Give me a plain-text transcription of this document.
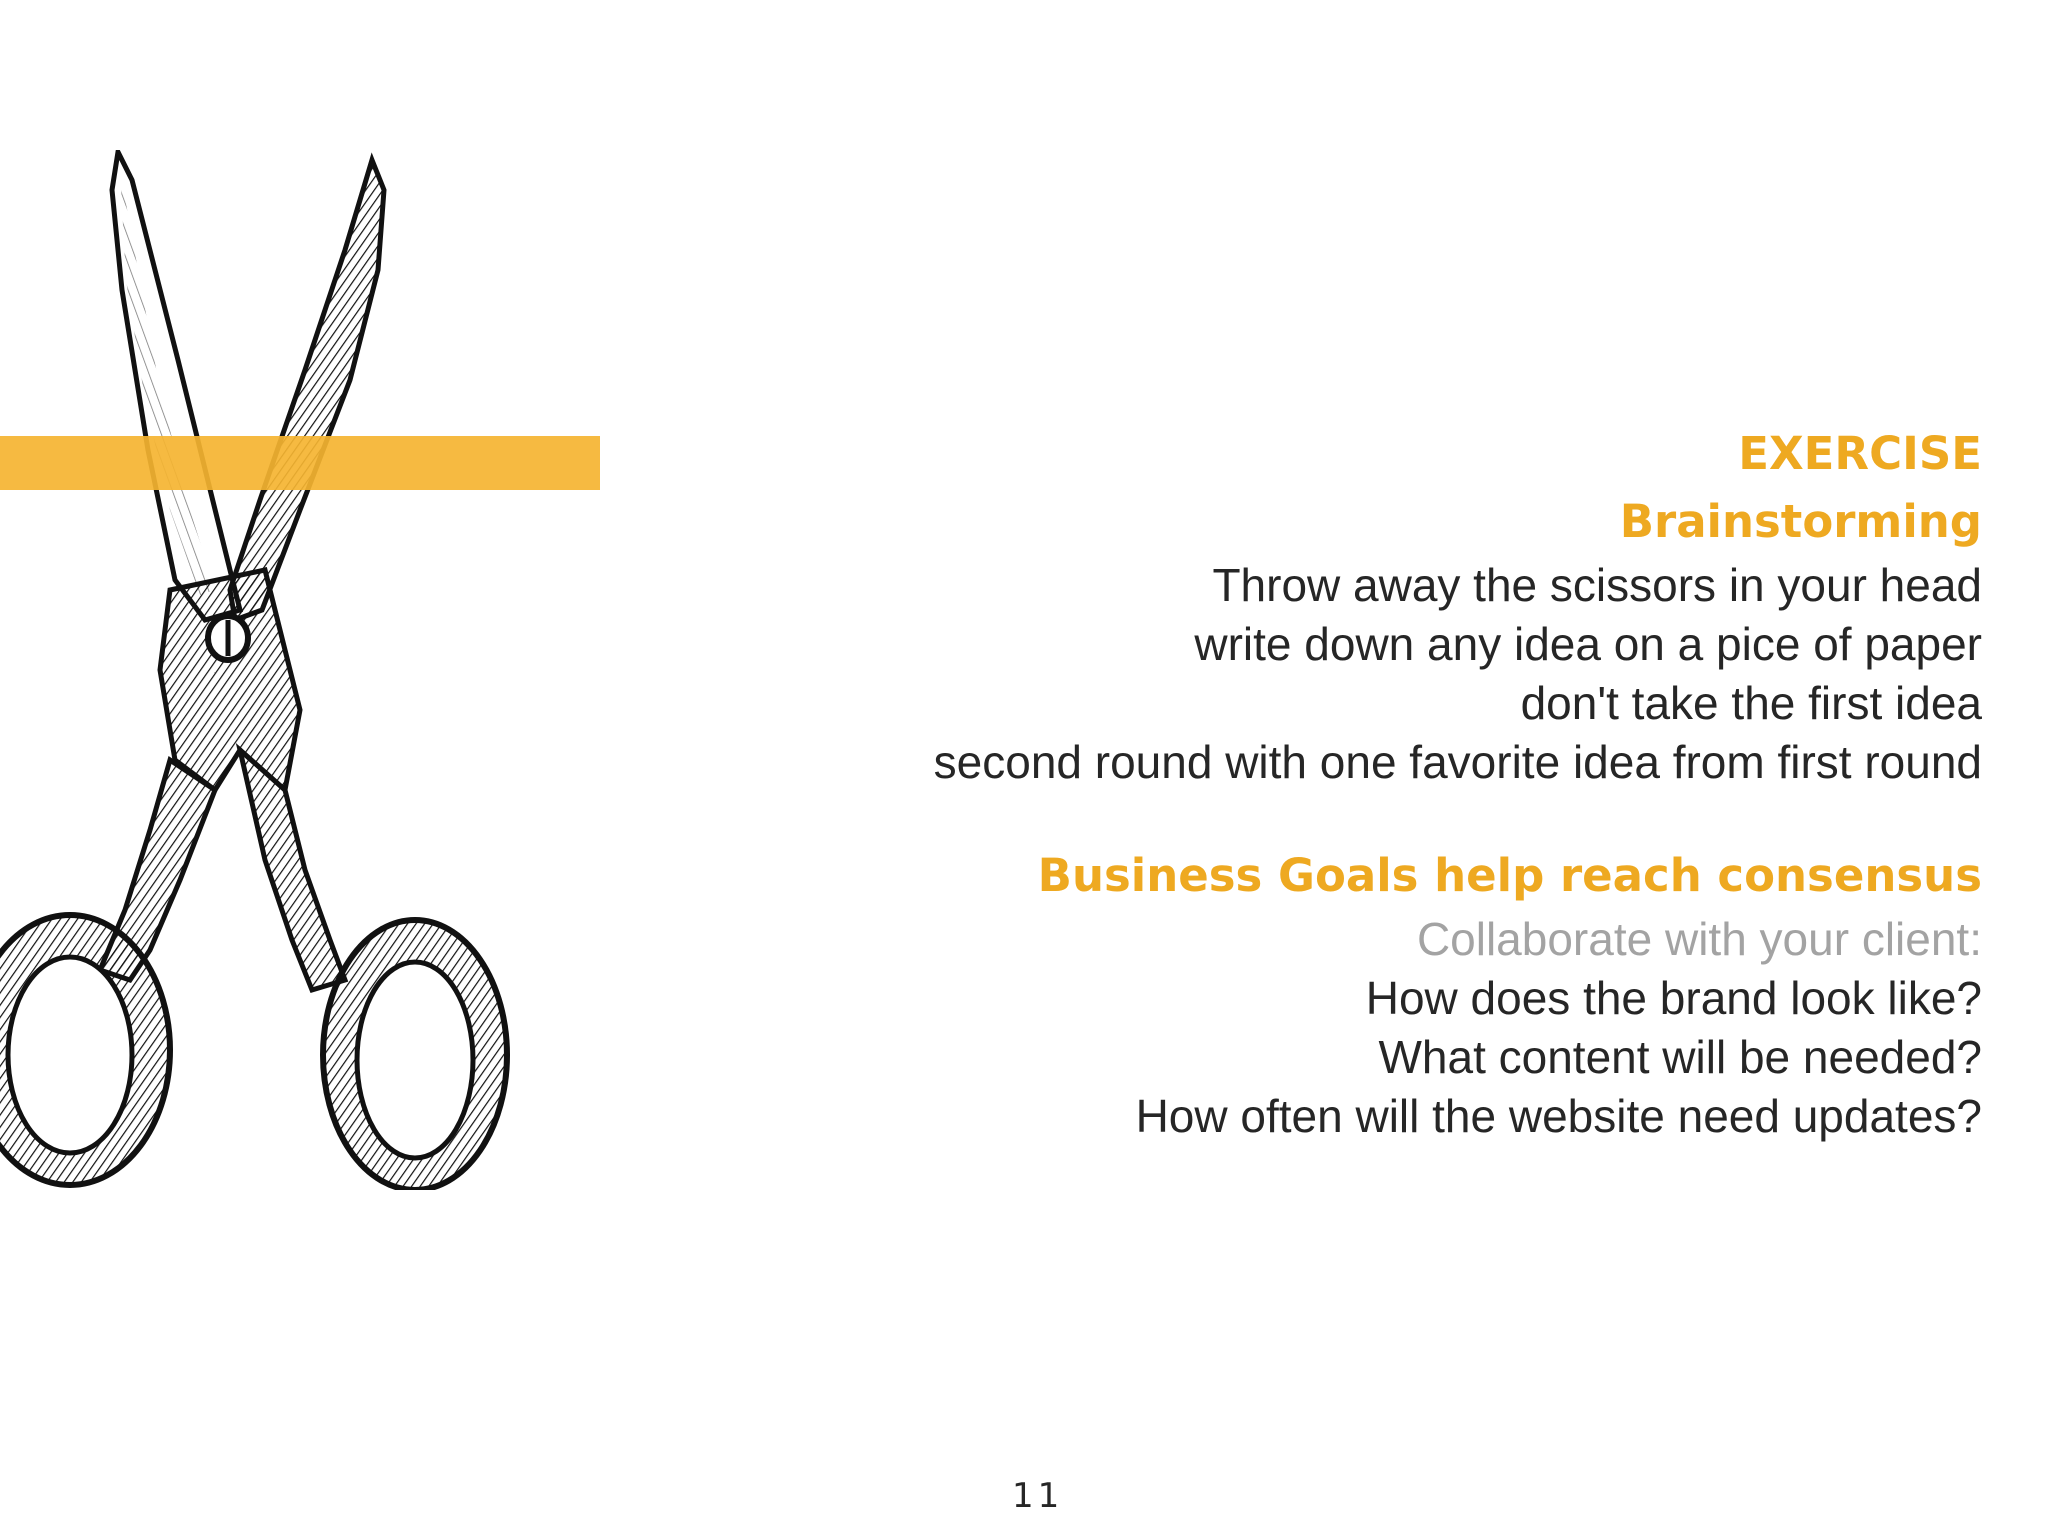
EXERCISE

Brainstorming

Throw away the scissors in your head

write down any idea on a pice of paper

don't take the first idea

second round with one favorite idea from first round

Business Goals help reach consensus

Collaborate with your client:

How does the brand look like?

What content will be needed?

How often will the website need updates?

11
